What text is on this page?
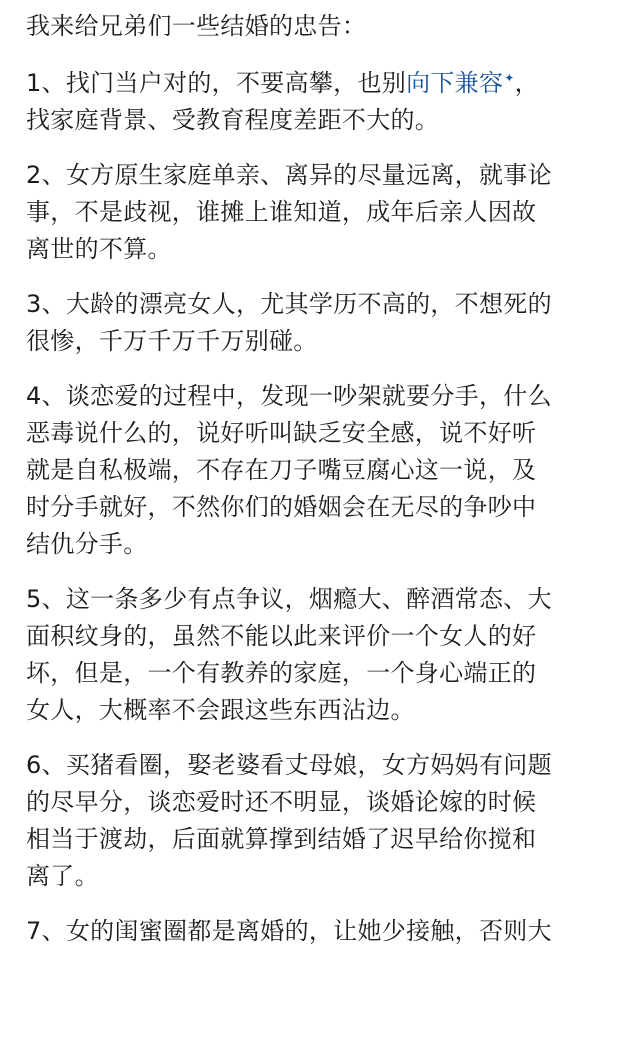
我来给兄弟们一些结婚的忠告：

1、找门当户对的，不要高攀，也别向下兼容✦，
找家庭背景、受教育程度差距不大的。

2、女方原生家庭单亲、离异的尽量远离，就事论
事，不是歧视，谁摊上谁知道，成年后亲人因故
离世的不算。

3、大龄的漂亮女人，尤其学历不高的，不想死的
很惨，千万千万千万别碰。

4、谈恋爱的过程中，发现一吵架就要分手，什么
恶毒说什么的，说好听叫缺乏安全感，说不好听
就是自私极端，不存在刀子嘴豆腐心这一说，及
时分手就好，不然你们的婚姻会在无尽的争吵中
结仇分手。

5、这一条多少有点争议，烟瘾大、醉酒常态、大
面积纹身的，虽然不能以此来评价一个女人的好
坏，但是，一个有教养的家庭，一个身心端正的
女人，大概率不会跟这些东西沾边。

6、买猪看圈，娶老婆看丈母娘，女方妈妈有问题
的尽早分，谈恋爱时还不明显，谈婚论嫁的时候
相当于渡劫，后面就算撑到结婚了迟早给你搅和
离了。

7、女的闺蜜圈都是离婚的，让她少接触，否则大
